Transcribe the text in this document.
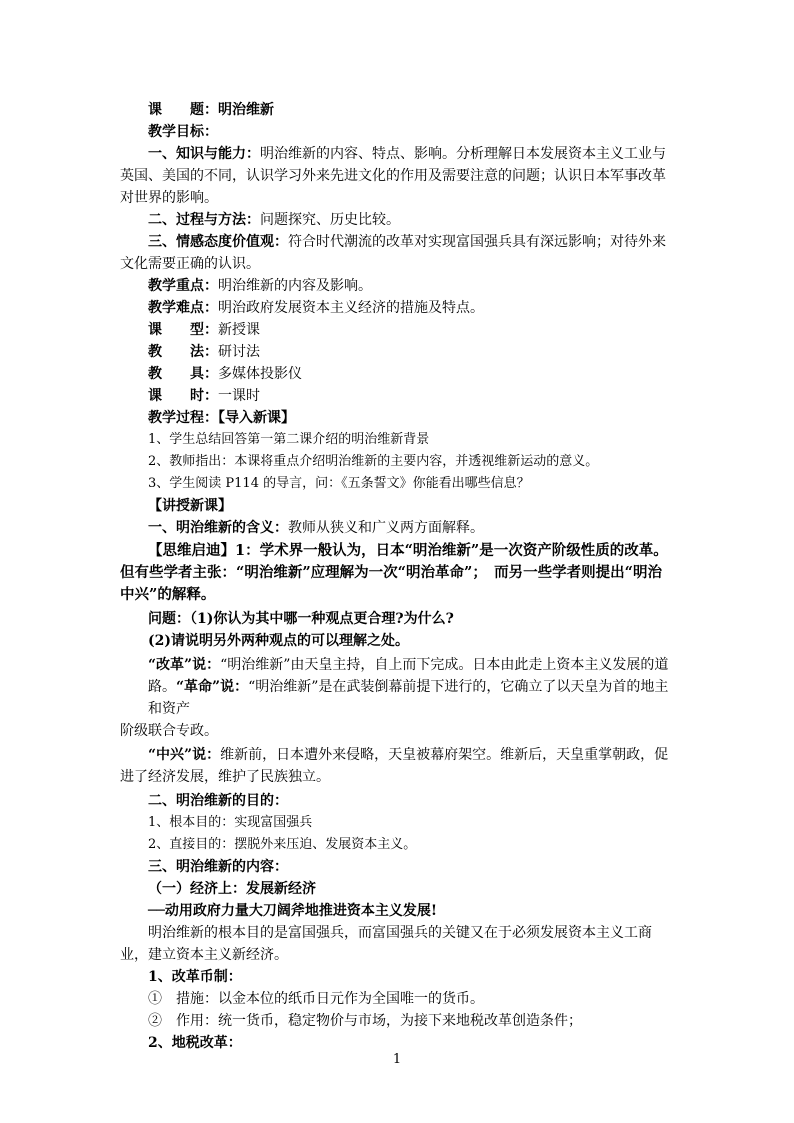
课　　题：明治维新
教学目标：
一、知识与能力：明治维新的内容、特点、影响。分析理解日本发展资本主义工业与
英国、美国的不同，认识学习外来先进文化的作用及需要注意的问题；认识日本军事改革
对世界的影响。
二、过程与方法：问题探究、历史比较。
三、情感态度价值观：符合时代潮流的改革对实现富国强兵具有深远影响；对待外来
文化需要正确的认识。
教学重点：明治维新的内容及影响。
教学难点：明治政府发展资本主义经济的措施及特点。
课　　型：新授课
教　　法：研讨法
教　　具：多媒体投影仪
课　　时：一课时
教学过程：【导入新课】
1、学生总结回答第一第二课介绍的明治维新背景
2、教师指出：本课将重点介绍明治维新的主要内容，并透视维新运动的意义。
3、学生阅读 P114 的导言，问：《五条誓文》你能看出哪些信息？
【讲授新课】
一、明治维新的含义：教师从狭义和广义两方面解释。
【思维启迪】1：学术界一般认为，日本“明治维新”是一次资产阶级性质的改革。
但有些学者主张：“明治维新”应理解为一次“明治革命”；　而另一些学者则提出“明治
中兴”的解释。
问题：（1)你认为其中哪一种观点更合理?为什么?
(2)请说明另外两种观点的可以理解之处。
“改革”说：“明治维新”由天皇主持，自上而下完成。日本由此走上资本主义发展的道
路。“革命”说：“明治维新”是在武装倒幕前提下进行的，它确立了以天皇为首的地主
和资产
阶级联合专政。
“中兴”说：维新前，日本遭外来侵略，天皇被幕府架空。维新后，天皇重掌朝政，促
进了经济发展，维护了民族独立。
二、明治维新的目的：
1、根本目的：实现富国强兵
2、直接目的：摆脱外来压迫、发展资本主义。
三、明治维新的内容：
（一）经济上：发展新经济
──动用政府力量大刀阔斧地推进资本主义发展!
明治维新的根本目的是富国强兵，而富国强兵的关键又在于必须发展资本主义工商
业，建立资本主义新经济。
1、改革币制：
①　措施：以金本位的纸币日元作为全国唯一的货币。
②　作用：统一货币，稳定物价与市场，为接下来地税改革创造条件；
2、地税改革：
1
